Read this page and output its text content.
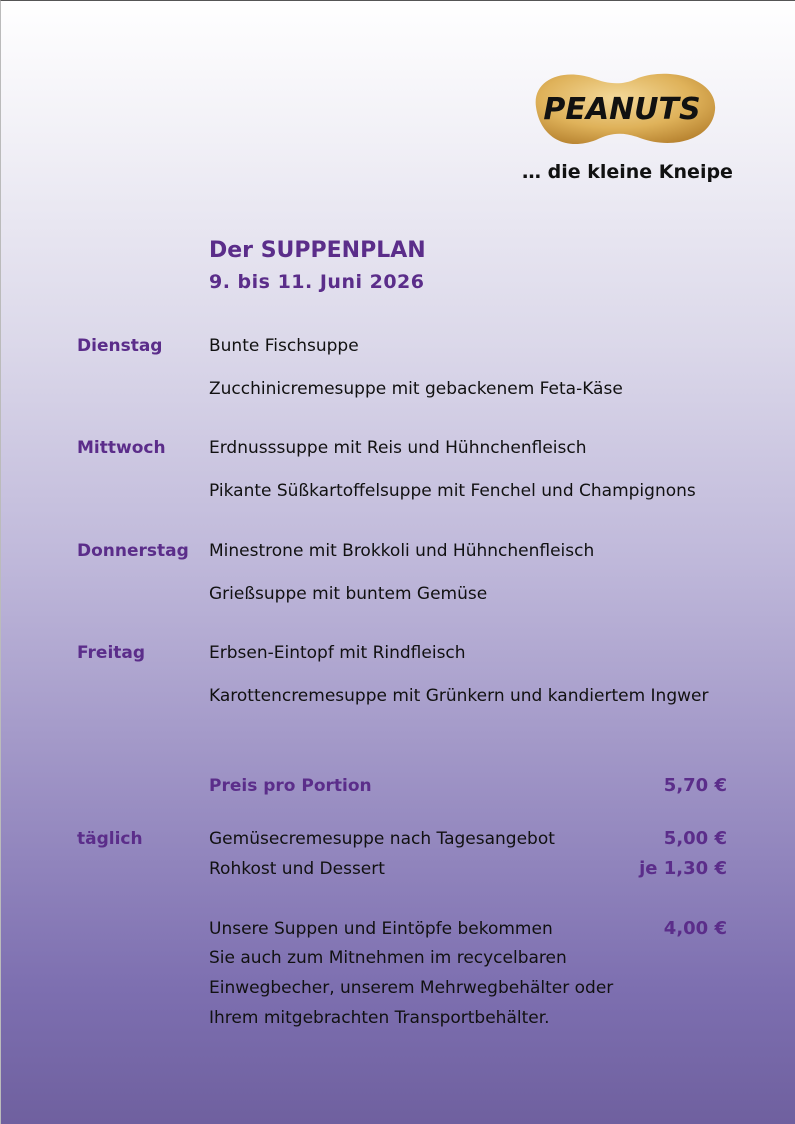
PEANUTS
… die kleine Kneipe
Der SUPPENPLAN
9. bis 11. Juni 2026
Dienstag	Bunte Fischsuppe
Zucchinicremesuppe mit gebackenem Feta-Käse
Mittwoch	Erdnusssuppe mit Reis und Hühnchenfleisch
Pikante Süßkartoffelsuppe mit Fenchel und Champignons
Donnerstag Minestrone mit Brokkoli und Hühnchenfleisch
Grießsuppe mit buntem Gemüse
Freitag	Erbsen-Eintopf mit Rindfleisch
Karottencremesuppe mit Grünkern und kandiertem Ingwer
Preis pro Portion	5,70 €
täglich	Gemüsecremesuppe nach Tagesangebot	5,00 €
Rohkost und Dessert	je 1,30 €
Unsere Suppen und Eintöpfe bekommen	4,00 €
Sie auch zum Mitnehmen im recycelbaren
Einwegbecher, unserem Mehrwegbehälter oder
Ihrem mitgebrachten Transportbehälter.
